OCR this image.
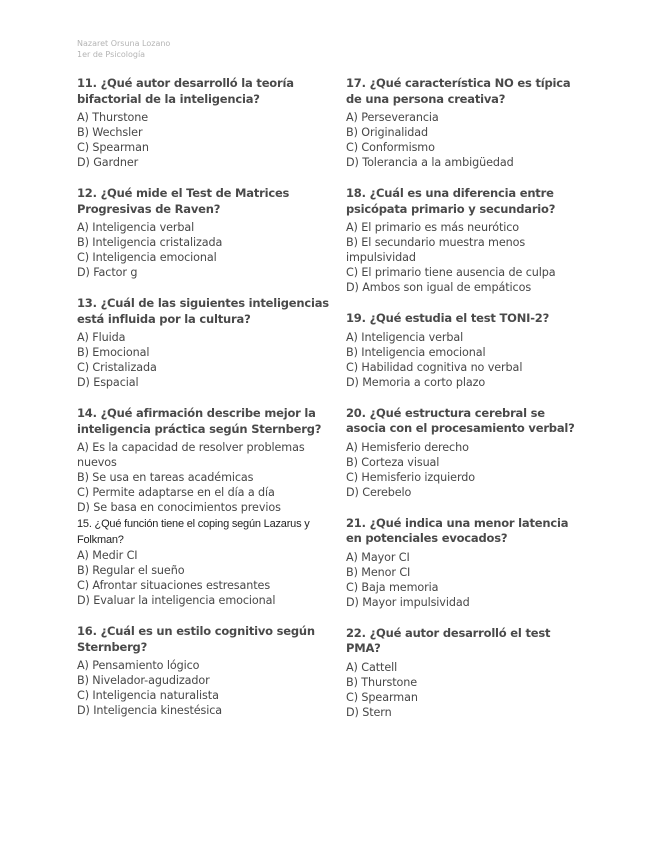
Nazaret Orsuna Lozano
1er de Psicología
11. ¿Qué autor desarrolló la teoría bifactorial de la inteligencia?
A) Thurstone
B) Wechsler
C) Spearman
D) Gardner
12. ¿Qué mide el Test de Matrices Progresivas de Raven?
A) Inteligencia verbal
B) Inteligencia cristalizada
C) Inteligencia emocional
D) Factor g
13. ¿Cuál de las siguientes inteligencias está influida por la cultura?
A) Fluida
B) Emocional
C) Cristalizada
D) Espacial
14. ¿Qué afirmación describe mejor la inteligencia práctica según Sternberg?
A) Es la capacidad de resolver problemas nuevos
B) Se usa en tareas académicas
C) Permite adaptarse en el día a día
D) Se basa en conocimientos previos
15. ¿Qué función tiene el coping según Lazarus y Folkman?
A) Medir CI
B) Regular el sueño
C) Afrontar situaciones estresantes
D) Evaluar la inteligencia emocional
16. ¿Cuál es un estilo cognitivo según Sternberg?
A) Pensamiento lógico
B) Nivelador-agudizador
C) Inteligencia naturalista
D) Inteligencia kinestésica
17. ¿Qué característica NO es típica de una persona creativa?
A) Perseverancia
B) Originalidad
C) Conformismo
D) Tolerancia a la ambigüedad
18. ¿Cuál es una diferencia entre psicópata primario y secundario?
A) El primario es más neurótico
B) El secundario muestra menos impulsividad
C) El primario tiene ausencia de culpa
D) Ambos son igual de empáticos
19. ¿Qué estudia el test TONI-2?
A) Inteligencia verbal
B) Inteligencia emocional
C) Habilidad cognitiva no verbal
D) Memoria a corto plazo
20. ¿Qué estructura cerebral se asocia con el procesamiento verbal?
A) Hemisferio derecho
B) Corteza visual
C) Hemisferio izquierdo
D) Cerebelo
21. ¿Qué indica una menor latencia en potenciales evocados?
A) Mayor CI
B) Menor CI
C) Baja memoria
D) Mayor impulsividad
22. ¿Qué autor desarrolló el test PMA?
A) Cattell
B) Thurstone
C) Spearman
D) Stern
